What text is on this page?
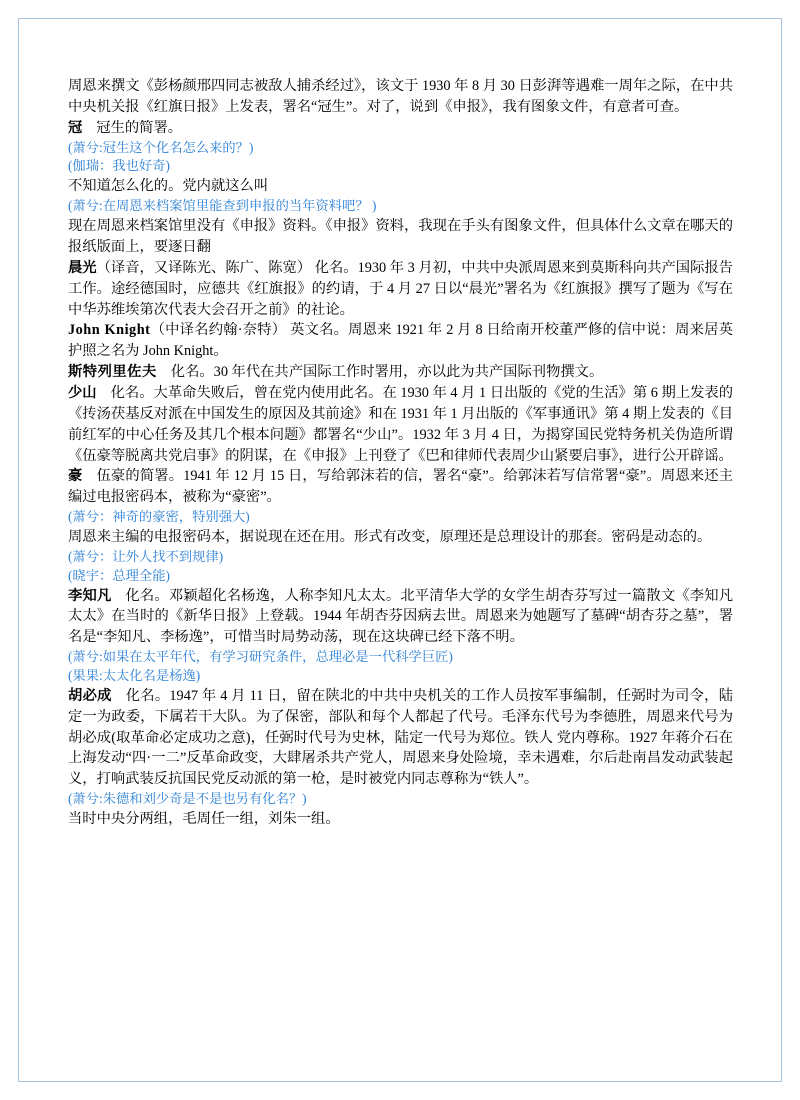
周恩来撰文《彭杨颜邢四同志被敌人捕杀经过》，该文于 1930 年 8 月 30 日彭湃等遇难一周年之际，在中共中央机关报《红旗日报》上发表，署名“冠生”。对了，说到《申报》，我有图象文件，有意者可查。

冠 冠生的简署。

(萧兮:冠生这个化名怎么来的？)

(伽瑞：我也好奇)

不知道怎么化的。党内就这么叫

(萧兮:在周恩来档案馆里能查到申报的当年资料吧？ )

现在周恩来档案馆里没有《申报》资料。《申报》资料，我现在手头有图象文件，但具体什么文章在哪天的报纸版面上，要逐日翻

晨光（译音，又译陈光、陈广、陈宽） 化名。1930 年 3 月初，中共中央派周恩来到莫斯科向共产国际报告工作。途经德国时，应德共《红旗报》的约请，于 4 月 27 日以“晨光”署名为《红旗报》撰写了题为《写在中华苏维埃第次代表大会召开之前》的社论。

John Knight（中译名约翰·奈特） 英文名。周恩来 1921 年 2 月 8 日给南开校董严修的信中说：周来居英护照之名为 John Knight。

斯特列里佐夫 化名。30 年代在共产国际工作时署用，亦以此为共产国际刊物撰文。

少山 化名。大革命失败后，曾在党内使用此名。在 1930 年 4 月 1 日出版的《党的生活》第 6 期上发表的《抟汤茯基反对派在中国发生的原因及其前途》和在 1931 年 1 月出版的《军事通讯》第 4 期上发表的《目前红军的中心任务及其几个根本问题》都署名“少山”。1932 年 3 月 4 日，为揭穿国民党特务机关伪造所谓《伍豪等脱离共党启事》的阴谋，在《申报》上刊登了《巴和律师代表周少山紧要启事》，进行公开辟谣。

豪 伍豪的简署。1941 年 12 月 15 日，写给郭沫若的信，署名“豪”。给郭沫若写信常署“豪”。周恩来还主编过电报密码本，被称为“豪密”。

(萧兮：神奇的豪密，特别强大)

周恩来主编的电报密码本，据说现在还在用。形式有改变，原理还是总理设计的那套。密码是动态的。

(萧兮：让外人找不到规律)

(晓宇：总理全能)

李知凡 化名。邓颖超化名杨逸，人称李知凡太太。北平清华大学的女学生胡杏芬写过一篇散文《李知凡太太》在当时的《新华日报》上登载。1944 年胡杏芬因病去世。周恩来为她题写了墓碑“胡杏芬之墓”，署名是“李知凡、李杨逸”，可惜当时局势动荡，现在这块碑已经下落不明。

(萧兮:如果在太平年代，有学习研究条件，总理必是一代科学巨匠)

(果果:太太化名是杨逸)

胡必成 化名。1947 年 4 月 11 日，留在陕北的中共中央机关的工作人员按军事编制，任弼时为司令，陆定一为政委，下属若干大队。为了保密，部队和每个人都起了代号。毛泽东代号为李德胜，周恩来代号为胡必成(取革命必定成功之意)，任弼时代号为史林，陆定一代号为郑位。铁人 党内尊称。1927 年蒋介石在上海发动“四·一二”反革命政变，大肆屠杀共产党人，周恩来身处险境，幸未遇难，尔后赴南昌发动武装起义，打响武装反抗国民党反动派的第一枪，是时被党内同志尊称为“铁人”。

(萧兮:朱德和刘少奇是不是也另有化名？)

当时中央分两组，毛周任一组，刘朱一组。
